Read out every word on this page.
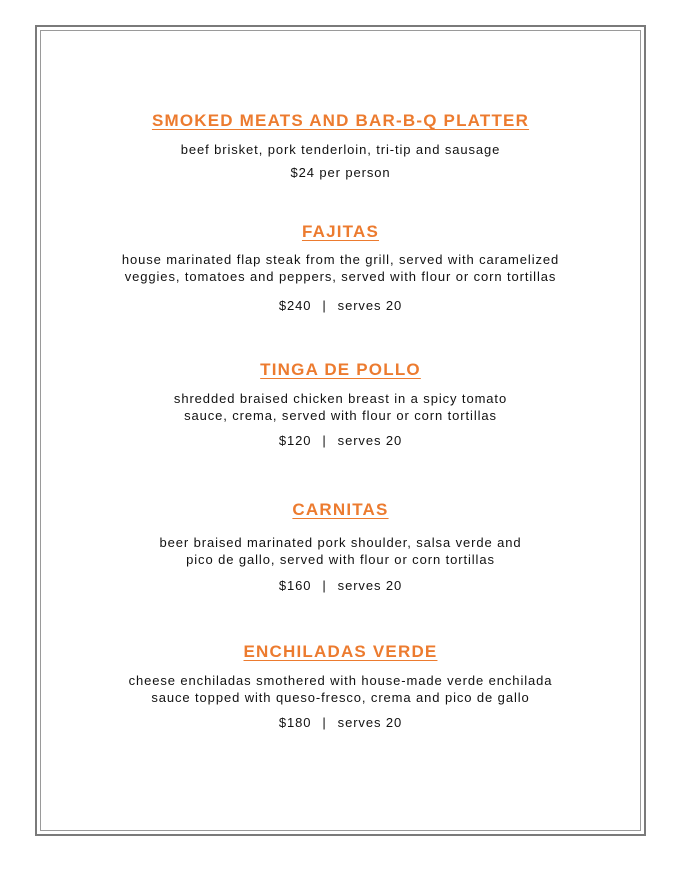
SMOKED MEATS AND BAR-B-Q PLATTER
beef brisket, pork tenderloin, tri-tip and sausage
$24 per person
FAJITAS
house marinated flap steak from the grill, served with caramelized
veggies, tomatoes and peppers, served with flour or corn tortillas
$240 | serves 20
TINGA DE POLLO
shredded braised chicken breast in a spicy tomato
sauce, crema, served with flour or corn tortillas
$120 | serves 20
CARNITAS
beer braised marinated pork shoulder, salsa verde and
pico de gallo, served with flour or corn tortillas
$160 | serves 20
ENCHILADAS VERDE
cheese enchiladas smothered with house-made verde enchilada
sauce topped with queso-fresco, crema and pico de gallo
$180 | serves 20
